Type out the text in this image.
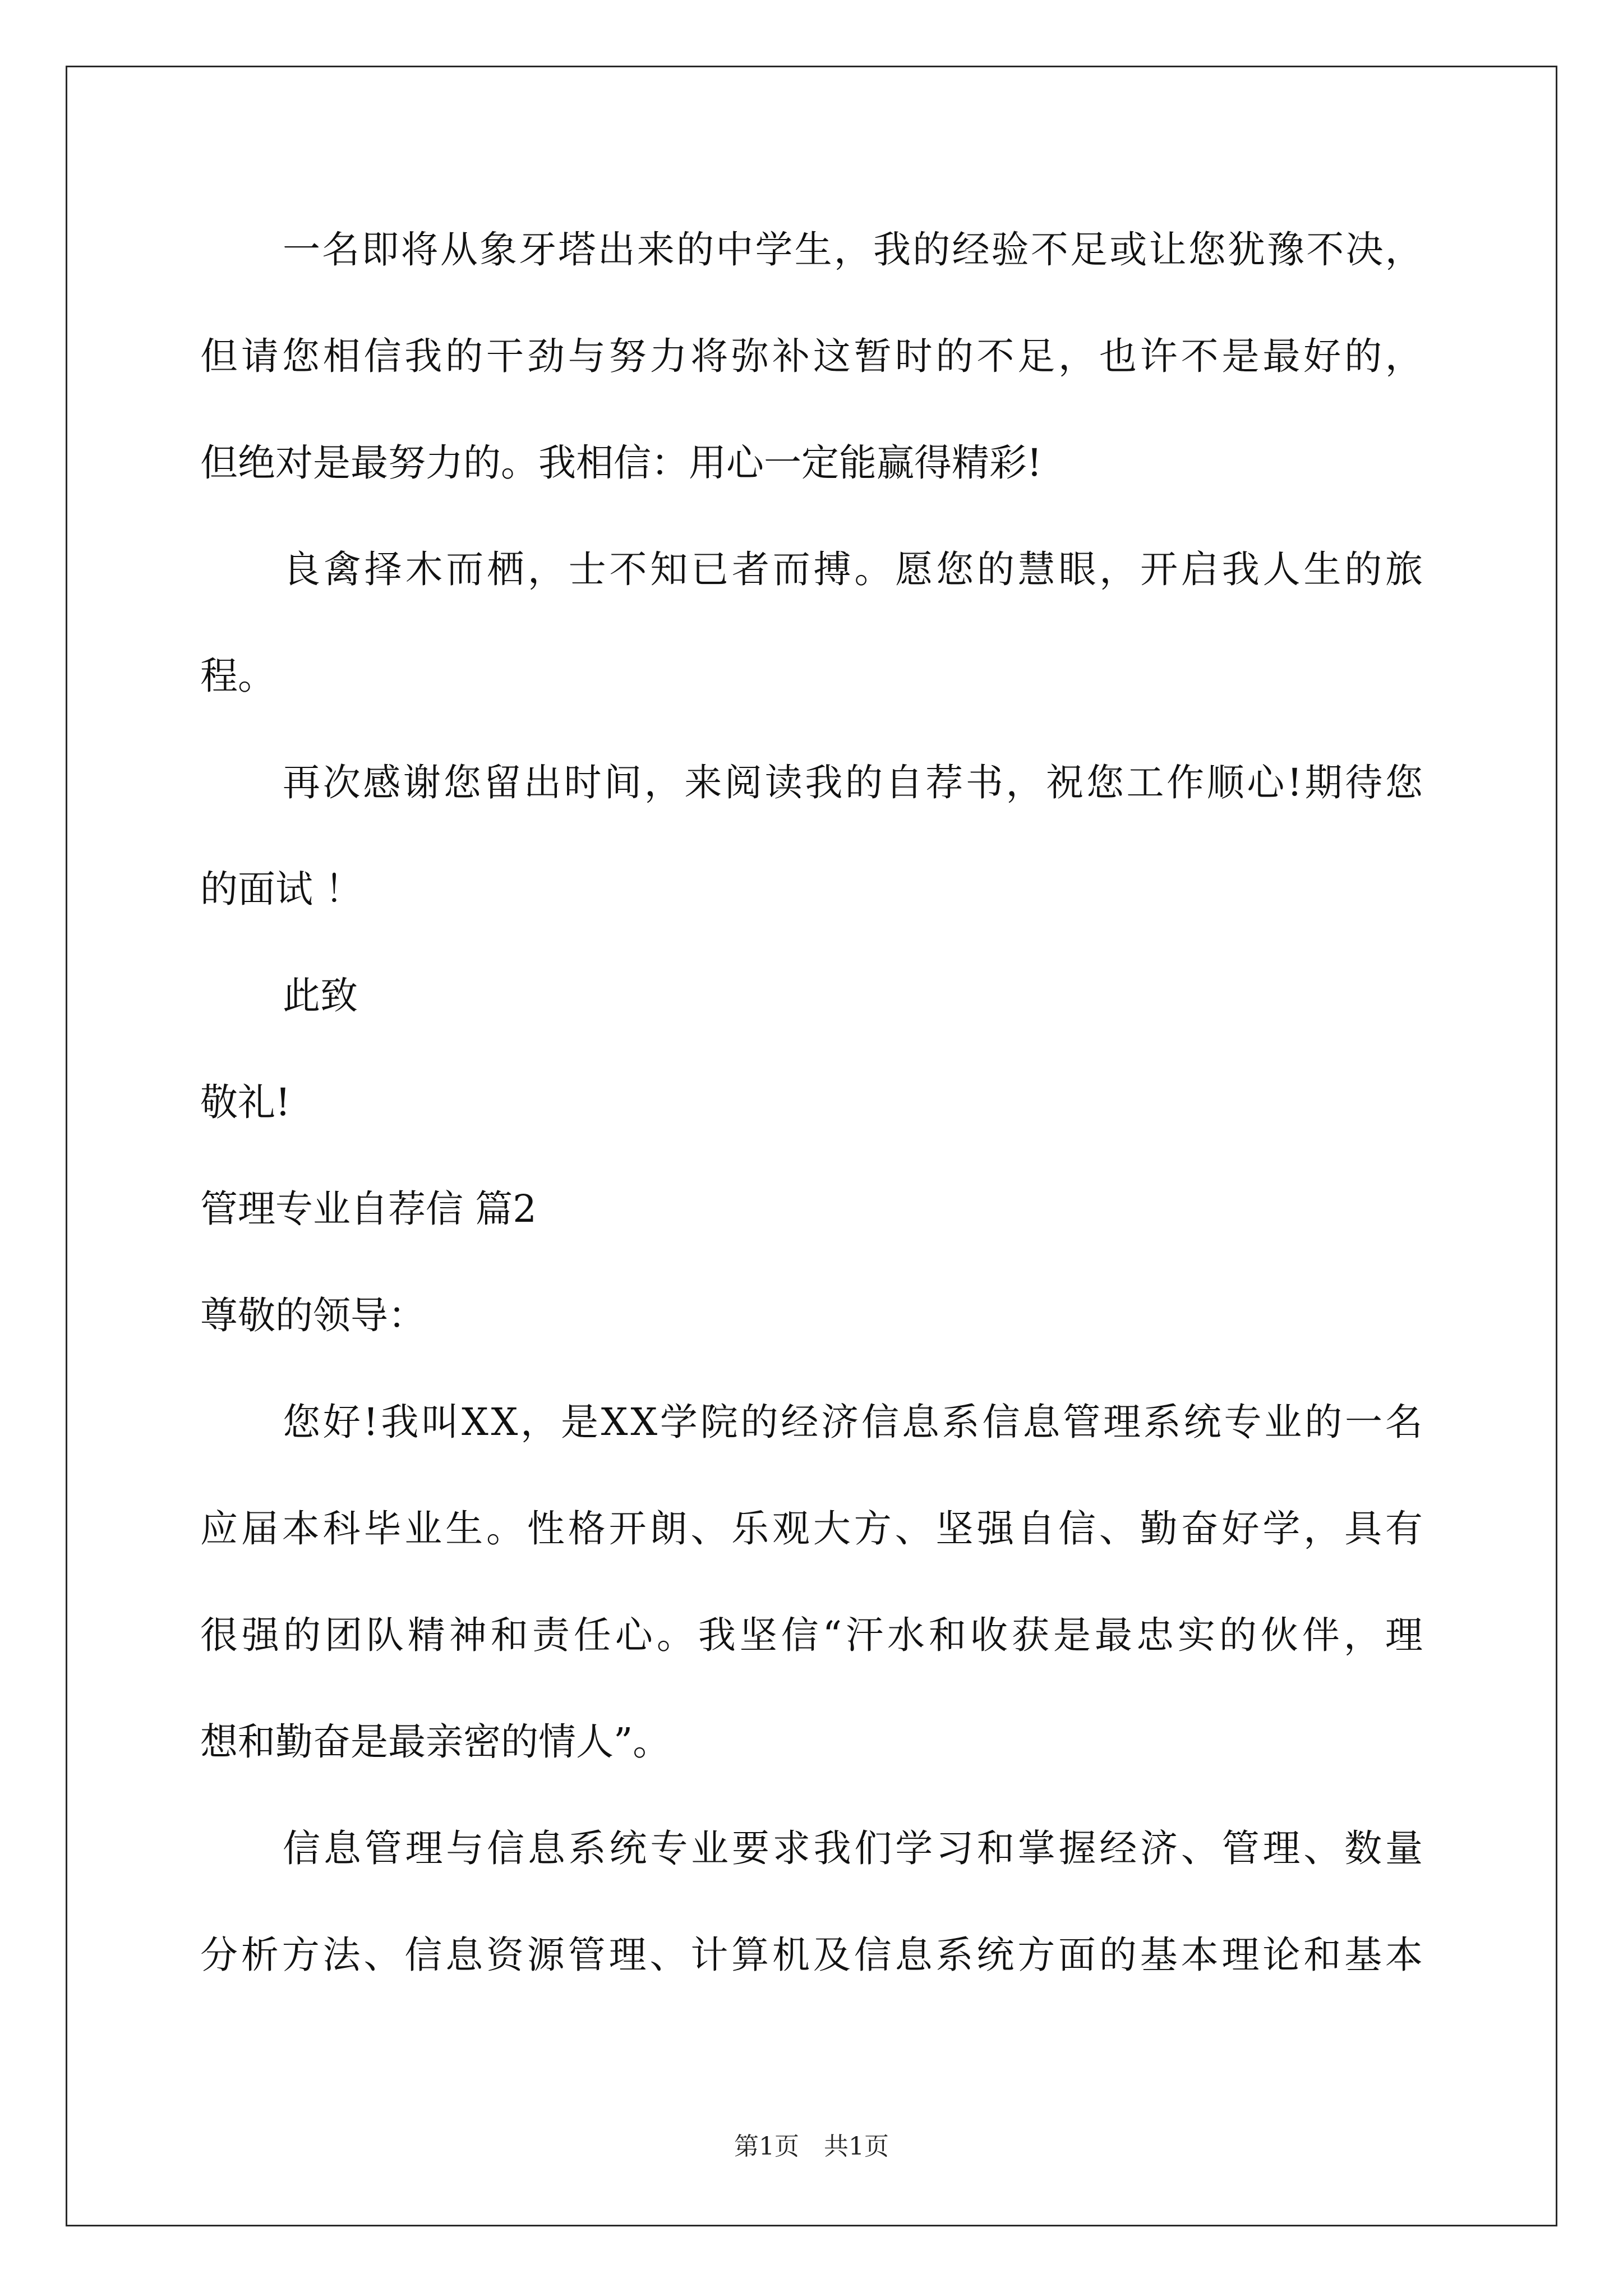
一 名 即 将 从 象 牙 塔 出 来 的 中 学 生 ， 我 的 经 验 不 足 或 让 您 犹 豫 不 决 ，
但 请 您 相 信 我 的 干 劲 与 努 力 将 弥 补 这 暂 时 的 不 足 ， 也 许 不 是 最 好 的 ，
但绝对是最努力的。我相信：用心一定能赢得精彩!
良 禽 择 木 而 栖 ， 士 不 知 已 者 而 搏 。 愿 您 的 慧 眼 ， 开 启 我 人 生 的 旅
程。
再 次 感 谢 您 留 出 时 间 ， 来 阅 读 我 的 自 荐 书 ， 祝 您 工 作 顺 心 ! 期 待 您
的面试 ！
此致
敬礼!
管理专业自荐信 篇2
尊敬的领导：
您 好 ! 我 叫 X X ， 是 X X 学 院 的 经 济 信 息 系 信 息 管 理 系 统 专 业 的 一 名
应 届 本 科 毕 业 生 。 性 格 开 朗 、 乐 观 大 方 、 坚 强 自 信 、 勤 奋 好 学 ， 具 有
很 强 的 团 队 精 神 和 责 任 心 。 我 坚 信 “ 汗 水 和 收 获 是 最 忠 实 的 伙 伴 ， 理
想和勤奋是最亲密的情人”。
信 息 管 理 与 信 息 系 统 专 业 要 求 我 们 学 习 和 掌 握 经 济 、 管 理 、 数 量
分 析 方 法 、 信 息 资 源 管 理 、 计 算 机 及 信 息 系 统 方 面 的 基 本 理 论 和 基 本
第1页　共1页
